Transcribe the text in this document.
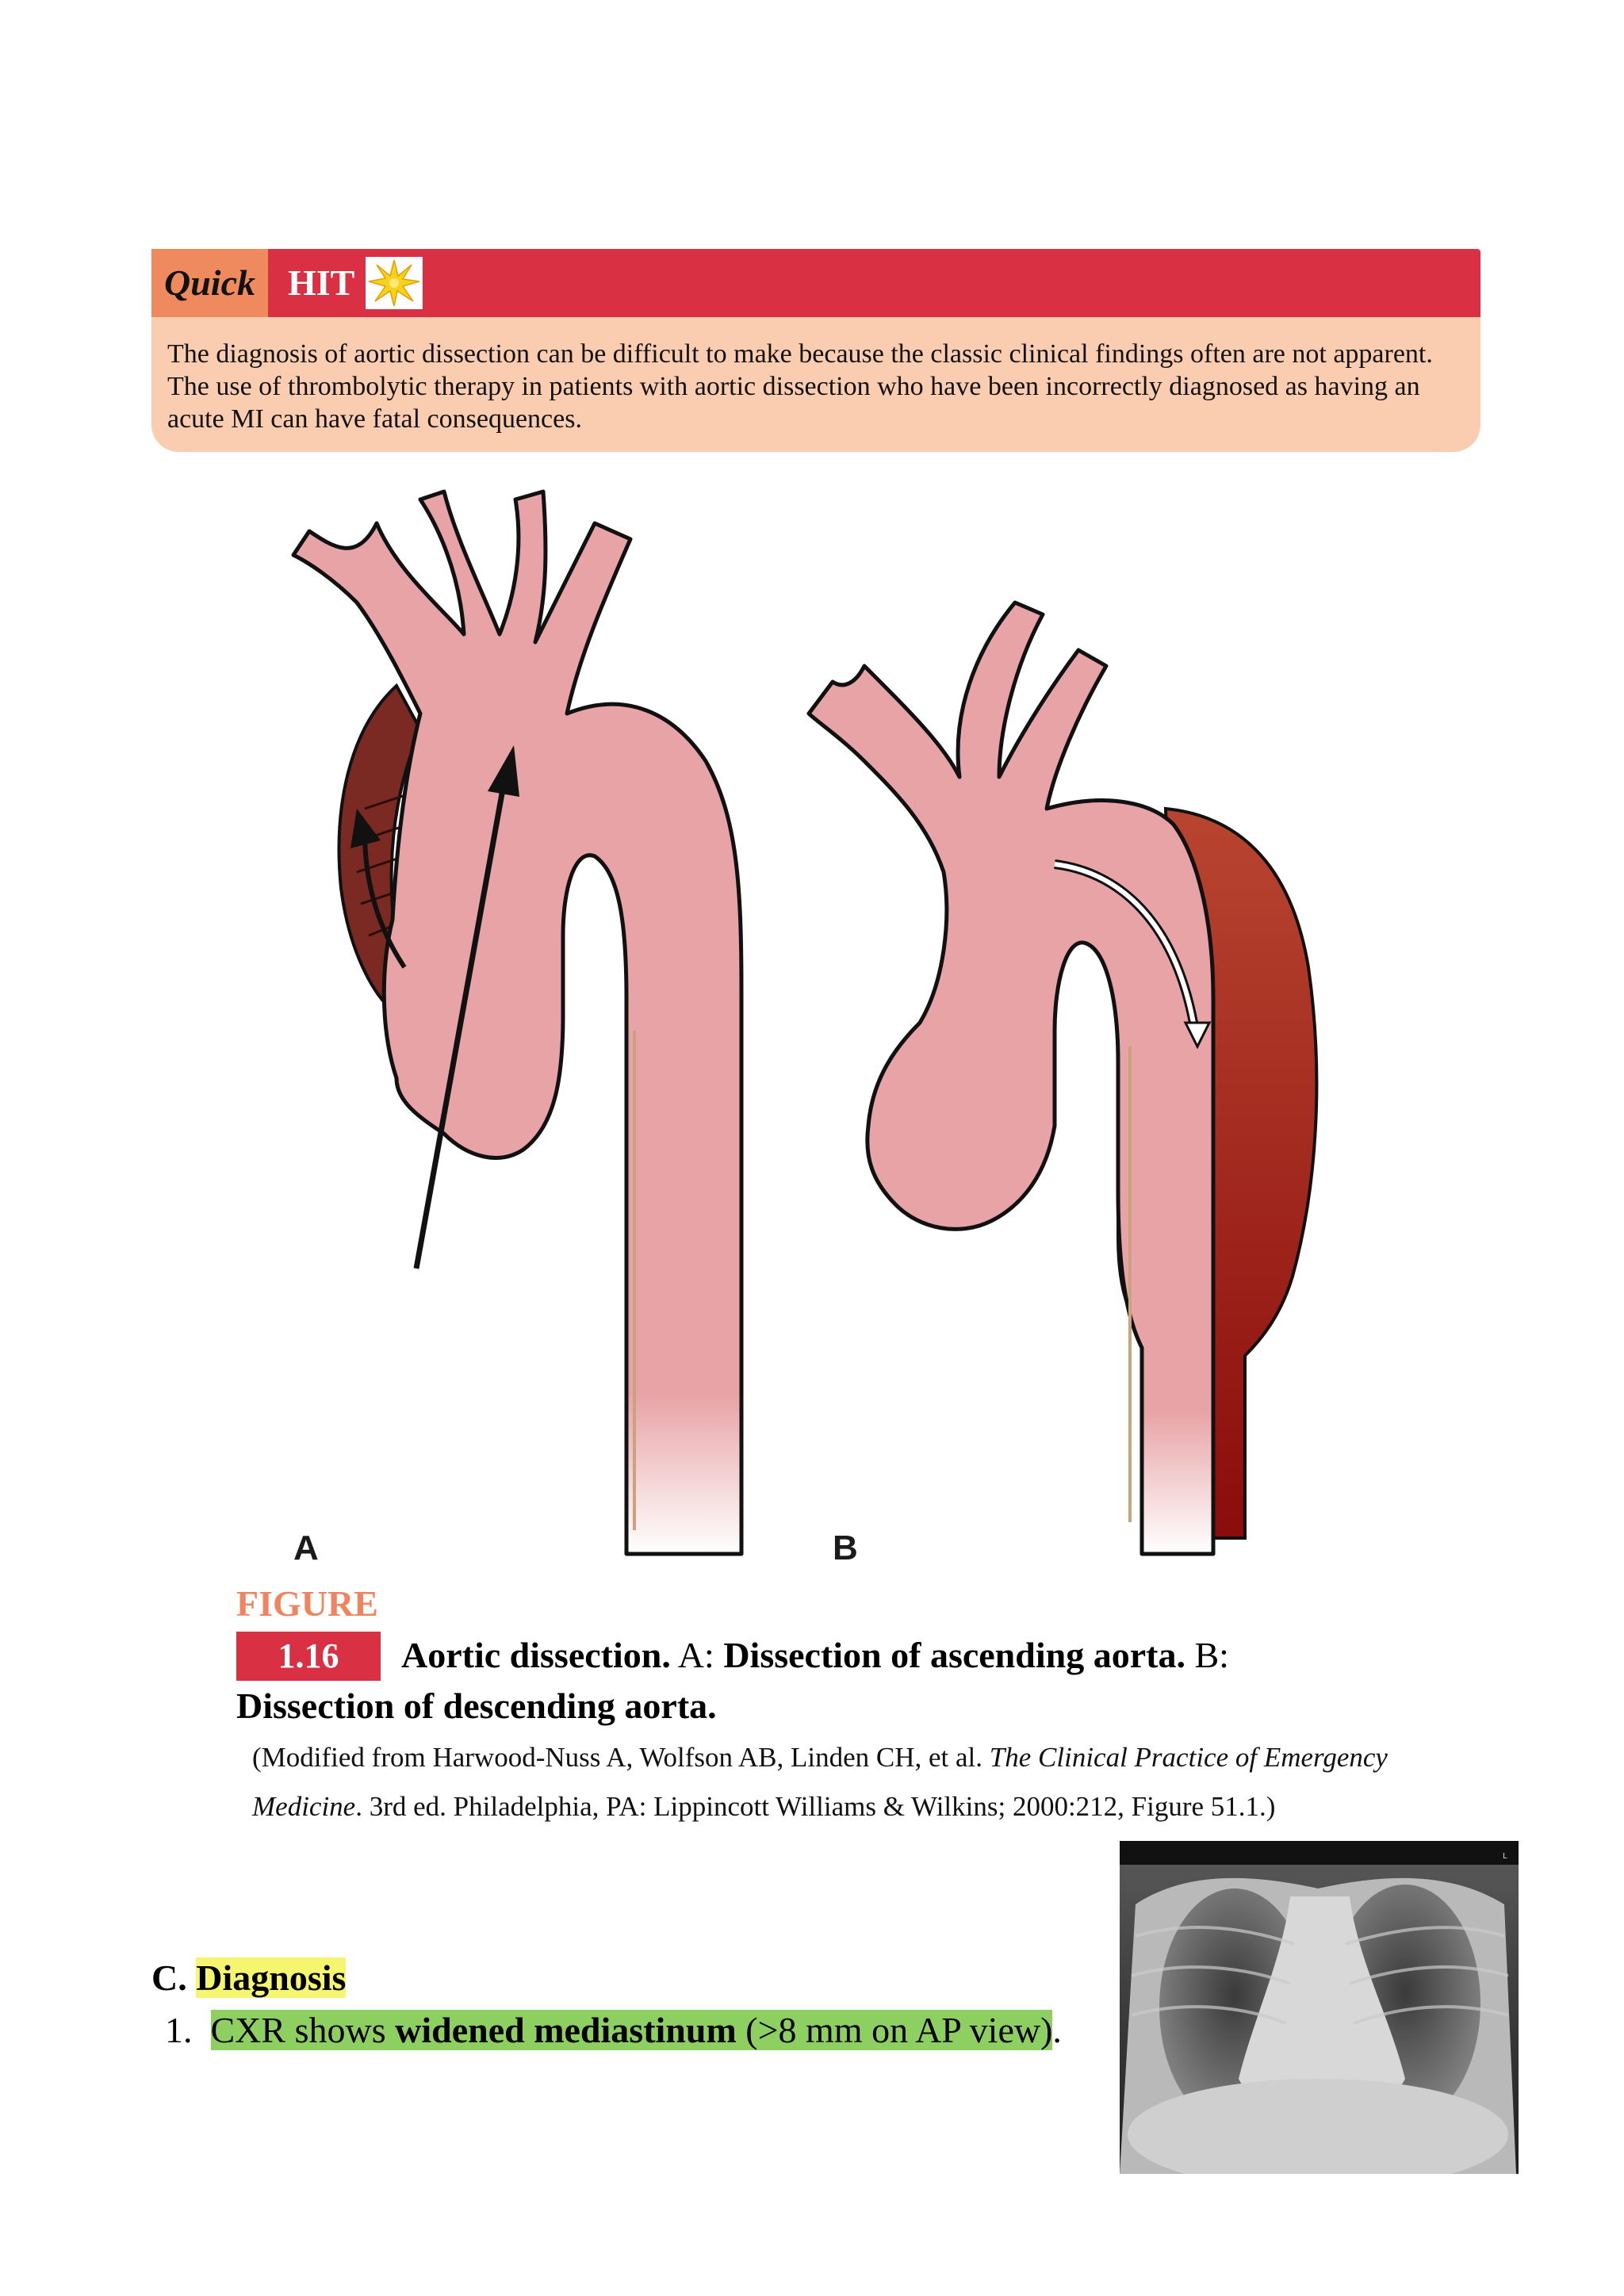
Quick HIT
The diagnosis of aortic dissection can be difficult to make because the classic clinical findings often are not apparent. The use of thrombolytic therapy in patients with aortic dissection who have been incorrectly diagnosed as having an acute MI can have fatal consequences.
A	B
FIGURE
1.16	Aortic dissection. A: Dissection of ascending aorta. B: Dissection of descending aorta.
(Modified from Harwood-Nuss A, Wolfson AB, Linden CH, et al. The Clinical Practice of Emergency Medicine. 3rd ed. Philadelphia, PA: Lippincott Williams & Wilkins; 2000:212, Figure 51.1.)
L
C. Diagnosis
1. CXR shows widened mediastinum (>8 mm on AP view).
